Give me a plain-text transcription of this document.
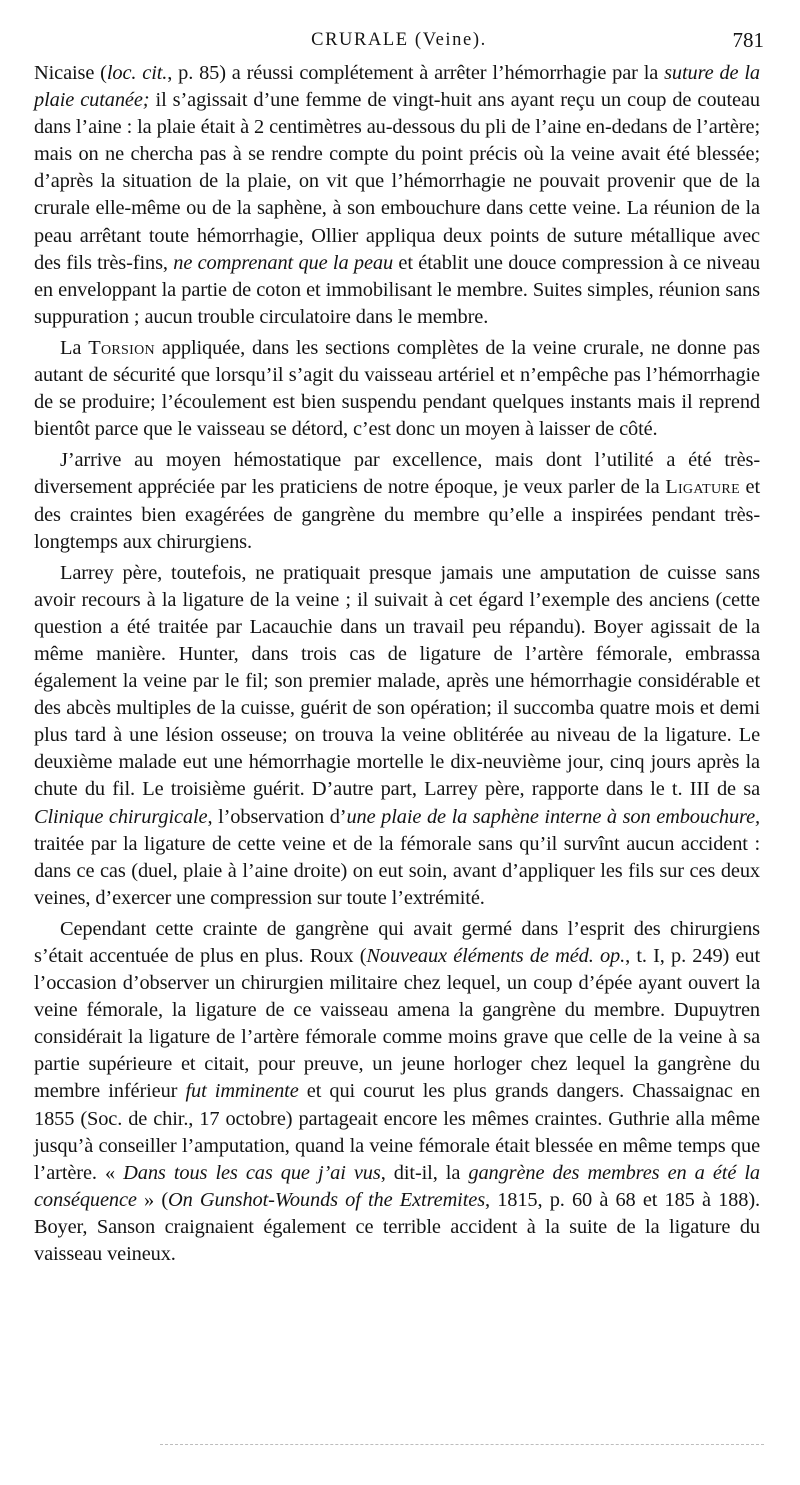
CRURALE (Veine).	781

Nicaise (loc. cit., p. 85) a réussi complétement à arrêter l’hémorrhagie par la suture de la plaie cutanée; il s’agissait d’une femme de vingt-huit ans ayant reçu un coup de couteau dans l’aine : la plaie était à 2 centimètres au-dessous du pli de l’aine en-dedans de l’artère; mais on ne chercha pas à se rendre compte du point précis où la veine avait été blessée; d’après la situation de la plaie, on vit que l’hémorrhagie ne pouvait provenir que de la crurale elle-même ou de la saphène, à son embouchure dans cette veine. La réunion de la peau arrêtant toute hémorrhagie, Ollier appliqua deux points de suture métallique avec des fils très-fins, ne comprenant que la peau et établit une douce compression à ce niveau en enveloppant la partie de coton et immobilisant le membre. Suites simples, réunion sans suppuration ; aucun trouble circulatoire dans le membre.

La Torsion appliquée, dans les sections complètes de la veine crurale, ne donne pas autant de sécurité que lorsqu’il s’agit du vaisseau artériel et n’empêche pas l’hémorrhagie de se produire; l’écoulement est bien suspendu pendant quelques instants mais il reprend bientôt parce que le vaisseau se détord, c’est donc un moyen à laisser de côté.

J’arrive au moyen hémostatique par excellence, mais dont l’utilité a été très-diversement appréciée par les praticiens de notre époque, je veux parler de la Ligature et des craintes bien exagérées de gangrène du membre qu’elle a inspirées pendant très-longtemps aux chirurgiens.

Larrey père, toutefois, ne pratiquait presque jamais une amputation de cuisse sans avoir recours à la ligature de la veine ; il suivait à cet égard l’exemple des anciens (cette question a été traitée par Lacauchie dans un travail peu répandu). Boyer agissait de la même manière. Hunter, dans trois cas de ligature de l’artère fémorale, embrassa également la veine par le fil; son premier malade, après une hémorrhagie considérable et des abcès multiples de la cuisse, guérit de son opération; il succomba quatre mois et demi plus tard à une lésion osseuse; on trouva la veine oblitérée au niveau de la ligature. Le deuxième malade eut une hémorrhagie mortelle le dix-neuvième jour, cinq jours après la chute du fil. Le troisième guérit. D’autre part, Larrey père, rapporte dans le t. III de sa Clinique chirurgicale, l’observation d’une plaie de la saphène interne à son embouchure, traitée par la ligature de cette veine et de la fémorale sans qu’il survînt aucun accident : dans ce cas (duel, plaie à l’aine droite) on eut soin, avant d’appliquer les fils sur ces deux veines, d’exercer une compression sur toute l’extrémité.

Cependant cette crainte de gangrène qui avait germé dans l’esprit des chirurgiens s’était accentuée de plus en plus. Roux (Nouveaux éléments de méd. op., t. I, p. 249) eut l’occasion d’observer un chirurgien militaire chez lequel, un coup d’épée ayant ouvert la veine fémorale, la ligature de ce vaisseau amena la gangrène du membre. Dupuytren considérait la ligature de l’artère fémorale comme moins grave que celle de la veine à sa partie supérieure et citait, pour preuve, un jeune horloger chez lequel la gangrène du membre inférieur fut imminente et qui courut les plus grands dangers. Chassaignac en 1855 (Soc. de chir., 17 octobre) partageait encore les mêmes craintes. Guthrie alla même jusqu’à conseiller l’amputation, quand la veine fémorale était blessée en même temps que l’artère. « Dans tous les cas que j’ai vus, dit-il, la gangrène des membres en a été la conséquence » (On Gunshot-Wounds of the Extremites, 1815, p. 60 à 68 et 185 à 188). Boyer, Sanson craignaient également ce terrible accident à la suite de la ligature du vaisseau veineux.
